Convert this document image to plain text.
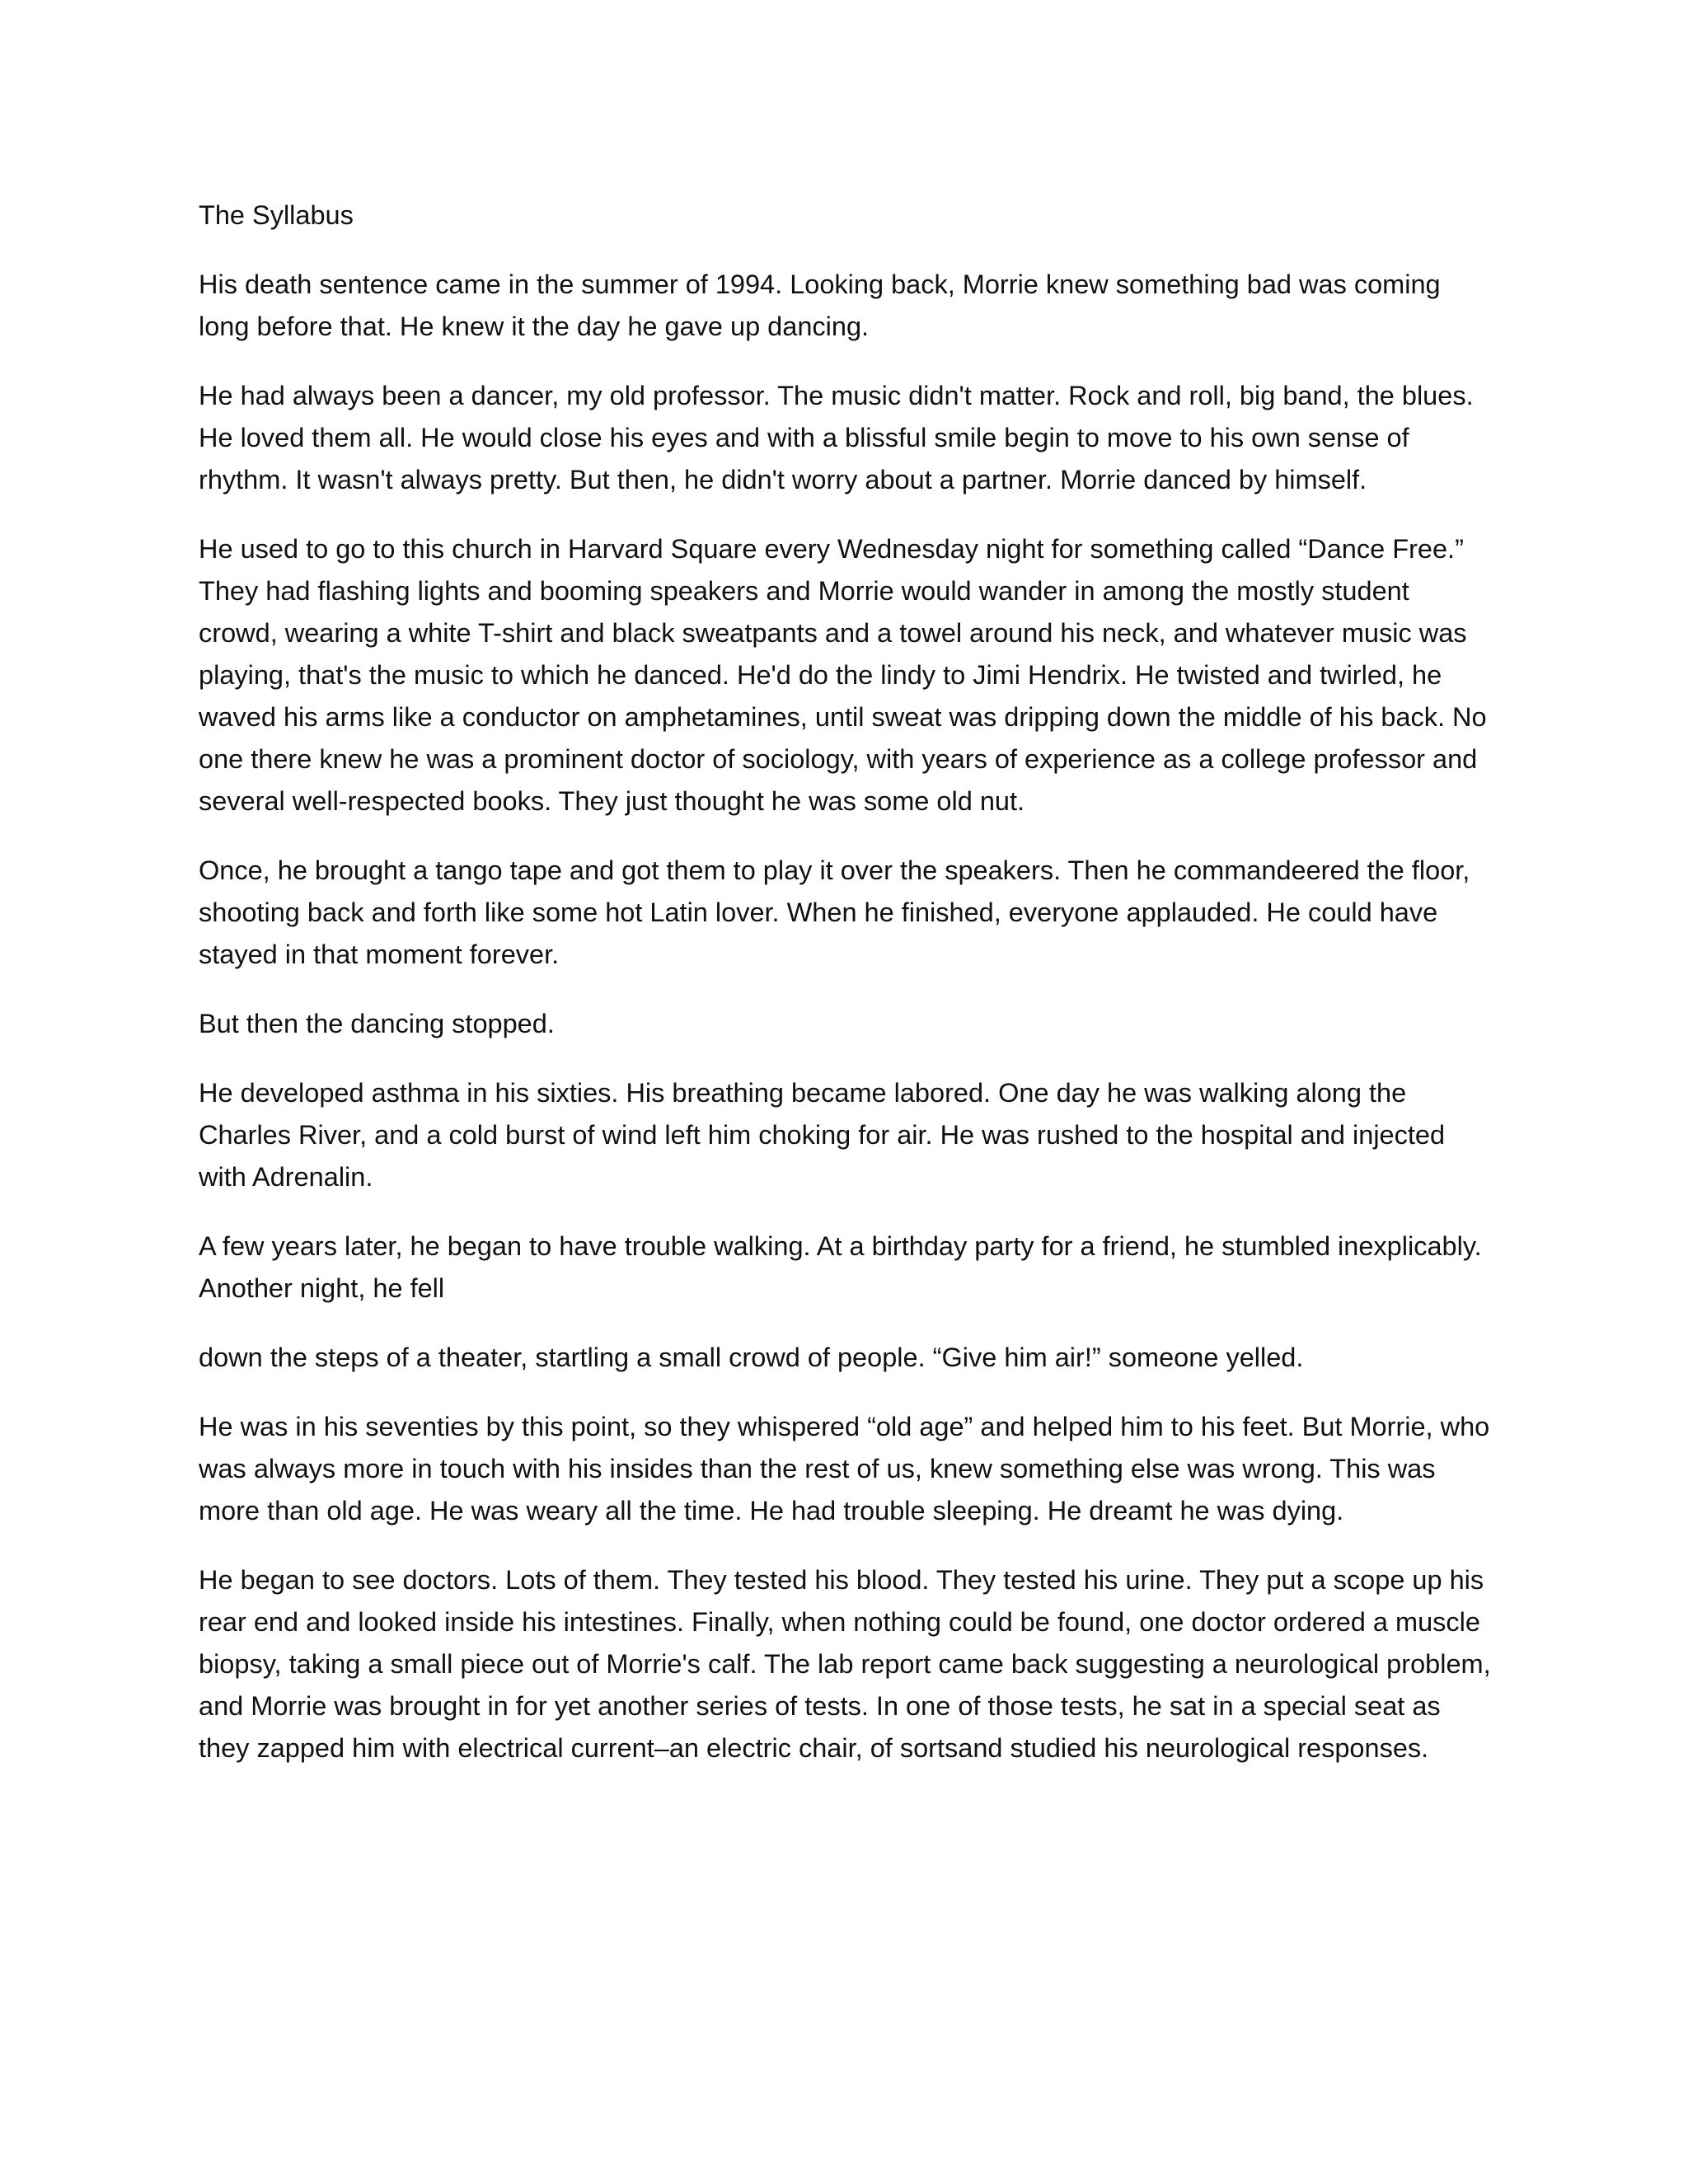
The Syllabus

His death sentence came in the summer of 1994. Looking back, Morrie knew something bad was coming long before that. He knew it the day he gave up dancing.

He had always been a dancer, my old professor. The music didn't matter. Rock and roll, big band, the blues. He loved them all. He would close his eyes and with a blissful smile begin to move to his own sense of rhythm. It wasn't always pretty. But then, he didn't worry about a partner. Morrie danced by himself.

He used to go to this church in Harvard Square every Wednesday night for something called “Dance Free.” They had flashing lights and booming speakers and Morrie would wander in among the mostly student crowd, wearing a white T-shirt and black sweatpants and a towel around his neck, and whatever music was playing, that's the music to which he danced. He'd do the lindy to Jimi Hendrix. He twisted and twirled, he waved his arms like a conductor on amphetamines, until sweat was dripping down the middle of his back. No one there knew he was a prominent doctor of sociology, with years of experience as a college professor and several well-respected books. They just thought he was some old nut.

Once, he brought a tango tape and got them to play it over the speakers. Then he commandeered the floor, shooting back and forth like some hot Latin lover. When he finished, everyone applauded. He could have stayed in that moment forever.

But then the dancing stopped.

He developed asthma in his sixties. His breathing became labored. One day he was walking along the Charles River, and a cold burst of wind left him choking for air. He was rushed to the hospital and injected with Adrenalin.

A few years later, he began to have trouble walking. At a birthday party for a friend, he stumbled inexplicably. Another night, he fell

down the steps of a theater, startling a small crowd of people. “Give him air!” someone yelled.

He was in his seventies by this point, so they whispered “old age” and helped him to his feet. But Morrie, who was always more in touch with his insides than the rest of us, knew something else was wrong. This was more than old age. He was weary all the time. He had trouble sleeping. He dreamt he was dying.

He began to see doctors. Lots of them. They tested his blood. They tested his urine. They put a scope up his rear end and looked inside his intestines. Finally, when nothing could be found, one doctor ordered a muscle biopsy, taking a small piece out of Morrie's calf. The lab report came back suggesting a neurological problem, and Morrie was brought in for yet another series of tests. In one of those tests, he sat in a special seat as they zapped him with electrical current–an electric chair, of sortsand studied his neurological responses.
